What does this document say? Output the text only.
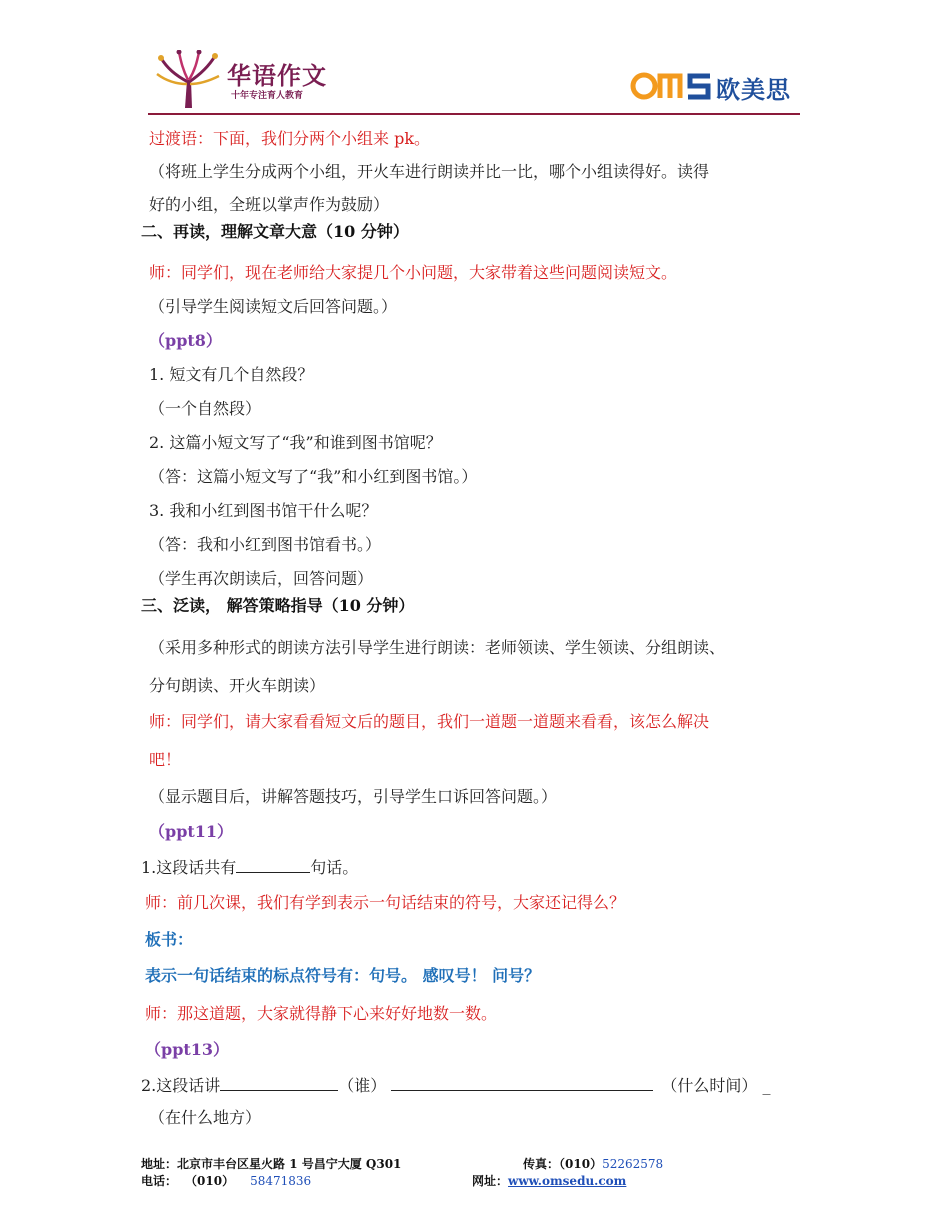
华语作文
十年专注育人教育	欧美思
过渡语：下面，我们分两个小组来 pk。
（将班上学生分成两个小组，开火车进行朗读并比一比，哪个小组读得好。读得
好的小组，全班以掌声作为鼓励）
二、再读，理解文章大意（10 分钟）
师：同学们，现在老师给大家提几个小问题，大家带着这些问题阅读短文。
（引导学生阅读短文后回答问题。）
（ppt8）
1. 短文有几个自然段？
（一个自然段）
2. 这篇小短文写了“我”和谁到图书馆呢？
（答：这篇小短文写了“我”和小红到图书馆。）
3. 我和小红到图书馆干什么呢？
（答：我和小红到图书馆看书。）
（学生再次朗读后，回答问题）
三、泛读， 解答策略指导（10 分钟）
（采用多种形式的朗读方法引导学生进行朗读：老师领读、学生领读、分组朗读、
分句朗读、开火车朗读）
师：同学们，请大家看看短文后的题目，我们一道题一道题来看看，该怎么解决
吧！
（显示题目后，讲解答题技巧，引导学生口诉回答问题。）
（ppt11）
1.这段话共有	句话。
师：前几次课，我们有学到表示一句话结束的符号，大家还记得么？
板书：
表示一句话结束的标点符号有：句号。 感叹号！ 问号？
师：那这道题，大家就得静下心来好好地数一数。
（ppt13）
2.这段话讲	（谁）	（什么时间） _
（在什么地方）
地址：北京市丰台区星火路 1 号昌宁大厦 Q301	传真：（010）52262578
电话： （010） 58471836	网址：www.omsedu.com
